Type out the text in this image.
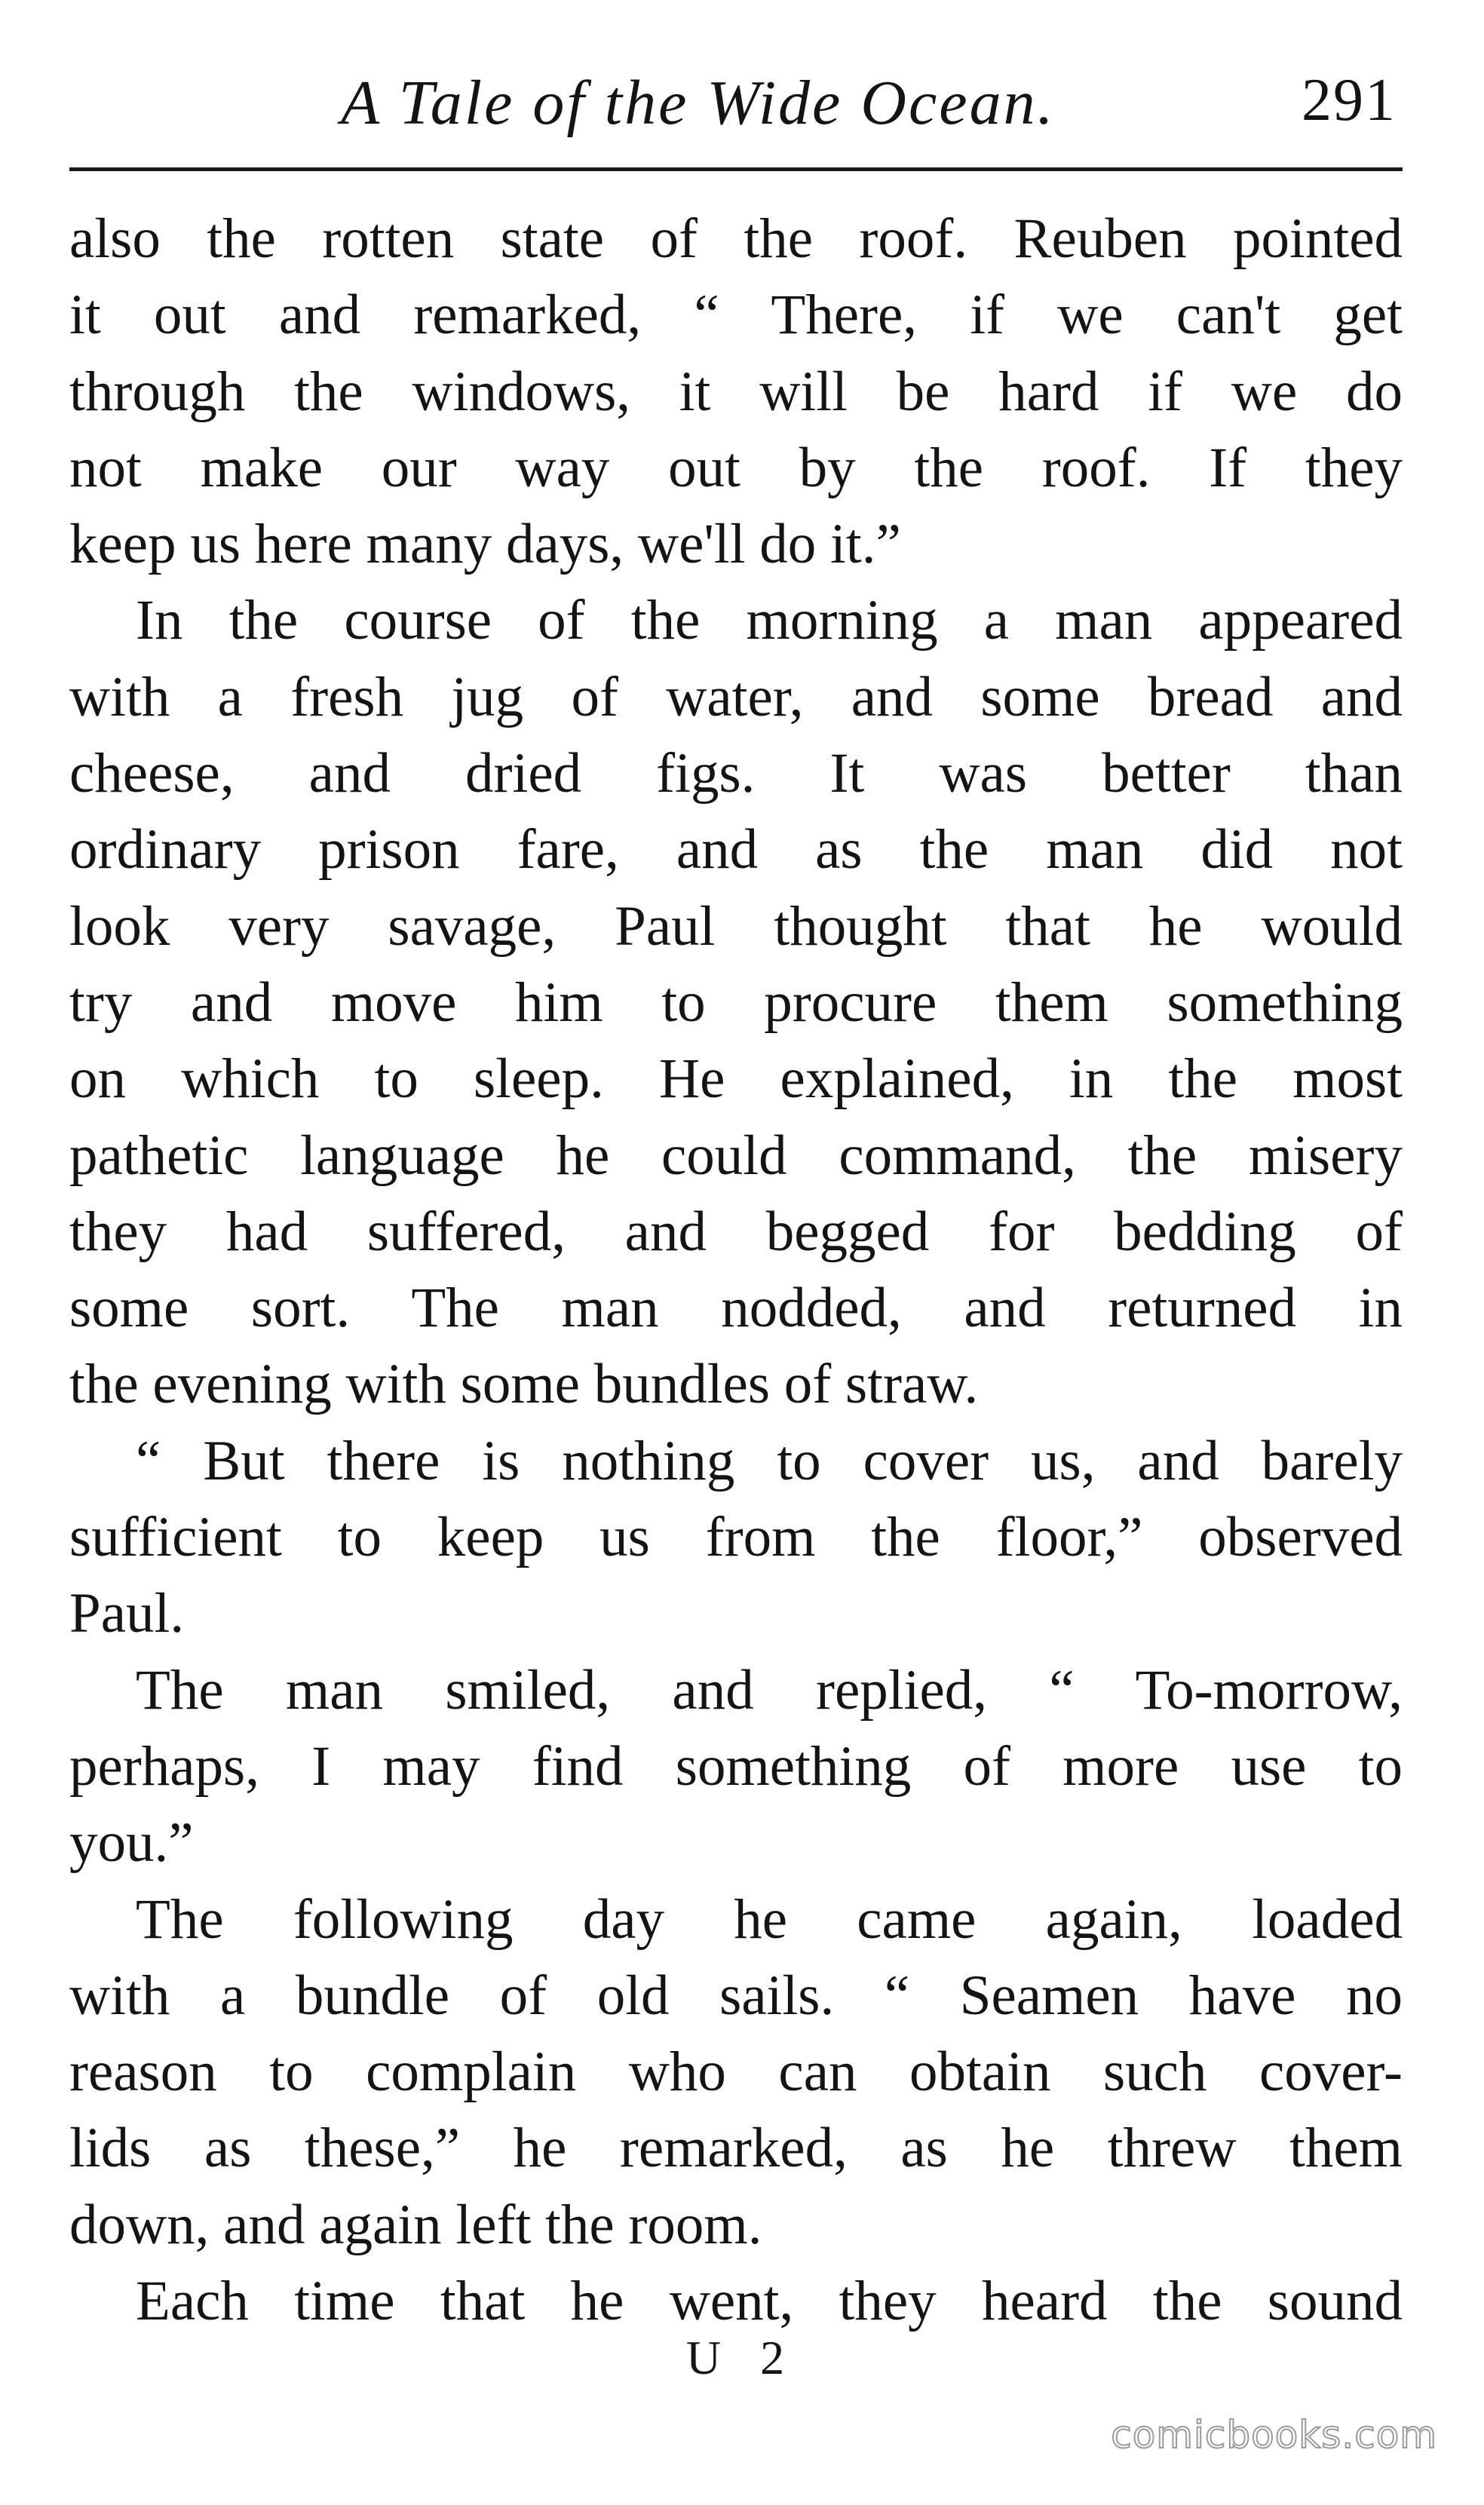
A Tale of the Wide Ocean.	291
also the rotten state of the roof. Reuben pointed
it out and remarked, “ There, if we can't get
through the windows, it will be hard if we do
not make our way out by the roof. If they
keep us here many days, we'll do it.”
In the course of the morning a man appeared
with a fresh jug of water, and some bread and
cheese, and dried figs. It was better than
ordinary prison fare, and as the man did not
look very savage, Paul thought that he would
try and move him to procure them something
on which to sleep. He explained, in the most
pathetic language he could command, the misery
they had suffered, and begged for bedding of
some sort. The man nodded, and returned in
the evening with some bundles of straw.
“ But there is nothing to cover us, and barely
sufficient to keep us from the floor,” observed
Paul.
The man smiled, and replied, “ To-morrow,
perhaps, I may find something of more use to
you.”
The following day he came again, loaded
with a bundle of old sails. “ Seamen have no
reason to complain who can obtain such cover-
lids as these,” he remarked, as he threw them
down, and again left the room.
Each time that he went, they heard the sound
U 2
comicbooks.com
